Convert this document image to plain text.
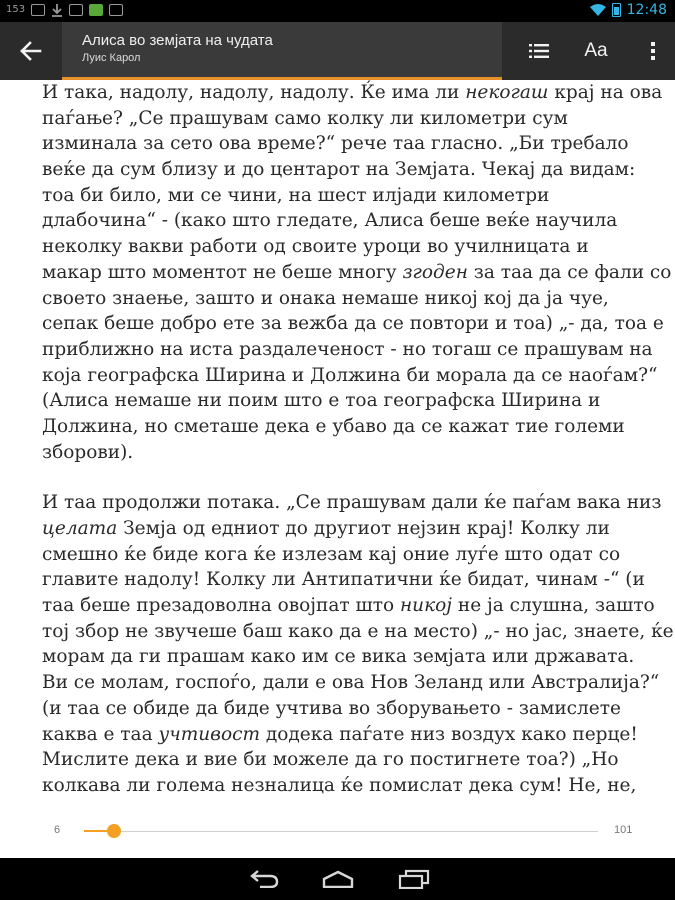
153	12:48
Алиса во земјата на чудата
Луис Карол	Aa
И така, надолу, надолу, надолу. Ќе има ли некогаш крај на ова
паѓање? „Се прашувам само колку ли километри сум
изминала за сето ова време?“ рече таа гласно. „Би требало
веќе да сум близу и до центарот на Земјата. Чекај да видам:
тоа би било, ми се чини, на шест илјади километри
длабочина“ - (како што гледате, Алиса беше веќе научила
неколку вакви работи од своите уроци во училницата и
макар што моментот не беше многу згоден за таа да се фали со
своето знаење, зашто и онака немаше никој кој да ја чуе,
сепак беше добро ете за вежба да се повтори и тоа) „- да, тоа е
приближно на иста раздалеченост - но тогаш се прашувам на
која географска Ширина и Должина би морала да се наоѓам?“
(Алиса немаше ни поим што е тоа географска Ширина и
Должина, но сметаше дека е убаво да се кажат тие големи
зборови).
И таа продолжи потака. „Се прашувам дали ќе паѓам вака низ
целата Земја од едниот до другиот нејзин крај! Колку ли
смешно ќе биде кога ќе излезам кај оние луѓе што одат со
главите надолу! Колку ли Антипатични ќе бидат, чинам -“ (и
таа беше презадоволна овојпат што никој не ја слушна, зашто
тој збор не звучеше баш како да е на место) „- но јас, знаете, ќе
морам да ги прашам како им се вика земјата или државата.
Ви се молам, госпоѓо, дали е ова Нов Зеланд или Австралија?“
(и таа се обиде да биде учтива во зборувањето - замислете
каква е таа учтивост додека паѓате низ воздух како перце!
Мислите дека и вие би можеле да го постигнете тоа?) „Но
колкава ли голема незналица ќе помислат дека сум! Не, не,
6	101
